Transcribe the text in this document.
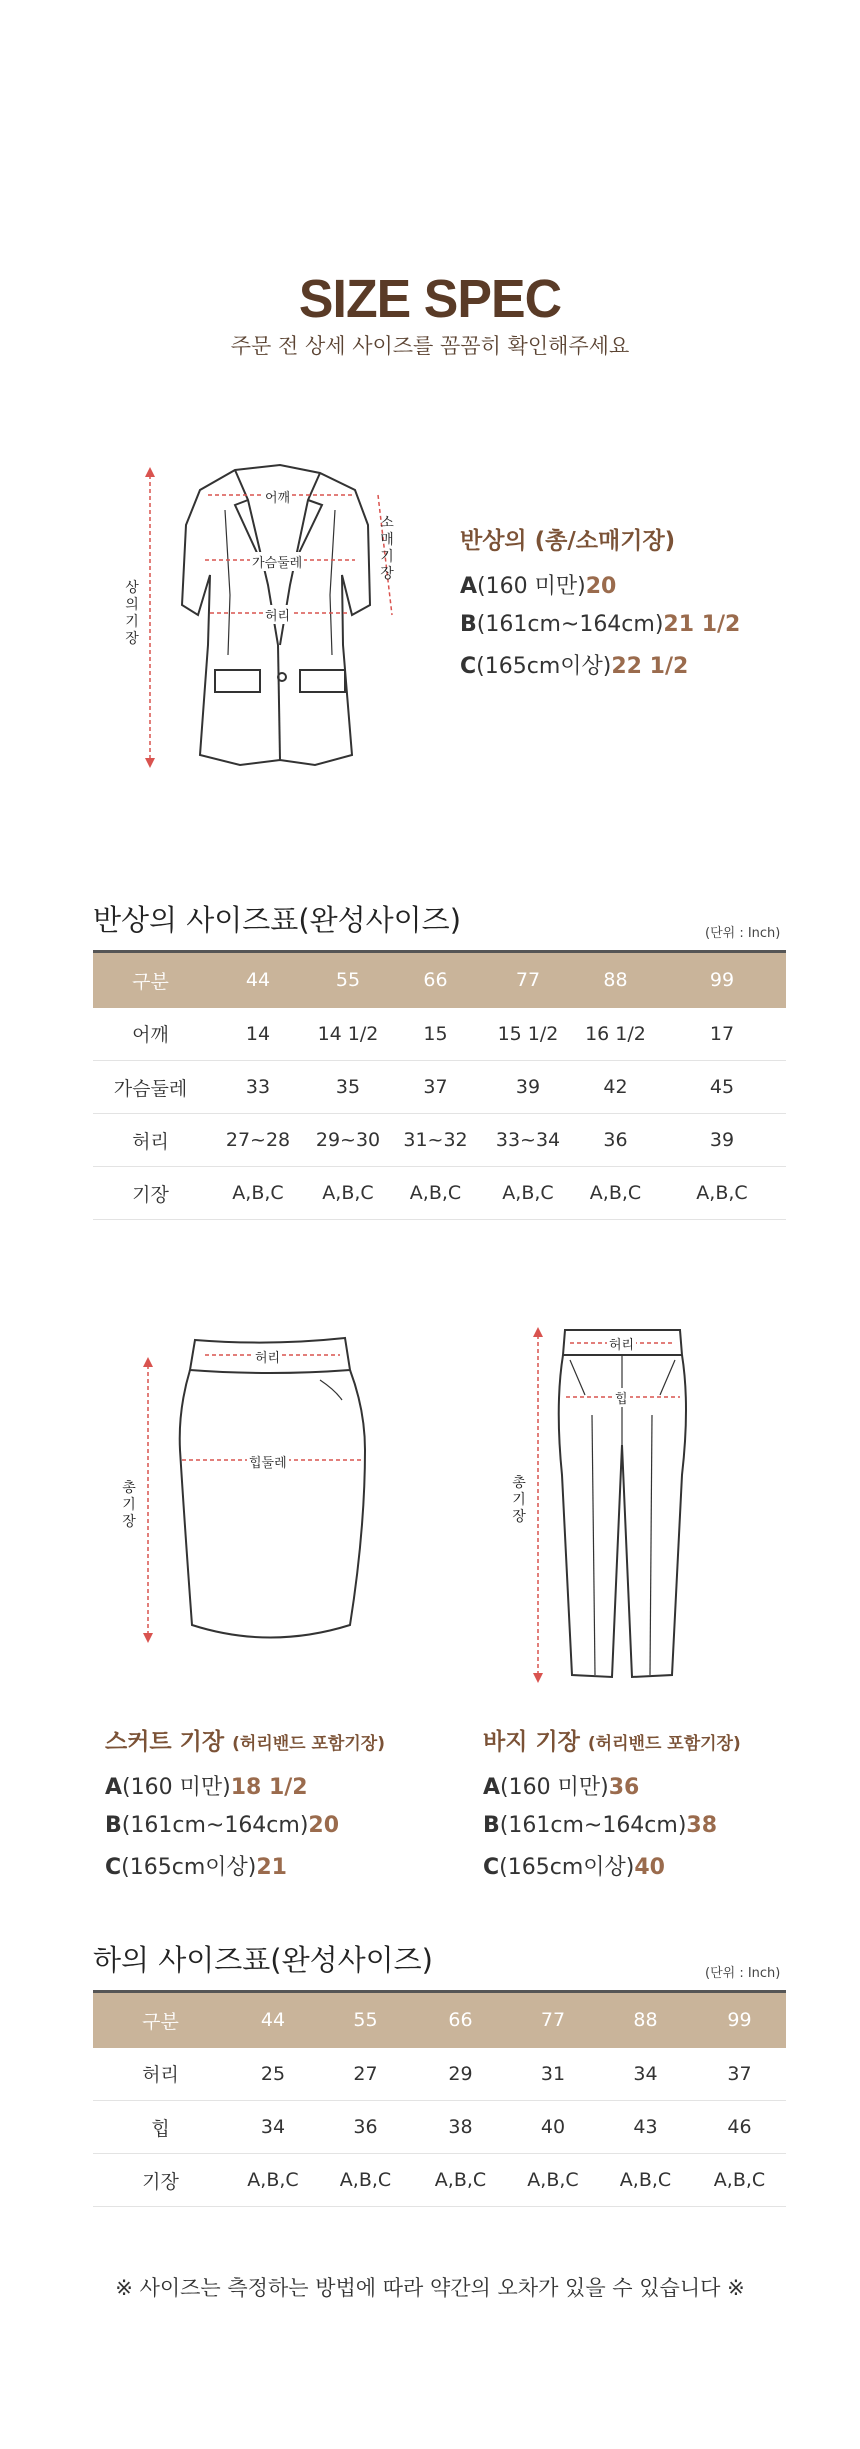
SIZE SPEC
주문 전 상세 사이즈를 꼼꼼히 확인해주세요
상
의
기
장
어깨
가슴둘레
허리
소
매
기
장
반상의 (총/소매기장)
A(160 미만)20
B(161cm~164cm)21 1/2
C(165cm이상)22 1/2
반상의 사이즈표(완성사이즈)	(단위 : Inch)
구분	44	55	66	77	88	99
어깨	14	14 1/2	15	15 1/2	16 1/2	17
가슴둘레	33	35	37	39	42	45
허리	27~28	29~30	31~32	33~34	36	39
기장	A,B,C	A,B,C	A,B,C	A,B,C	A,B,C	A,B,C
총
기
장
허리
힙둘레
총
기
장
허리
힙
스커트 기장 (허리밴드 포함기장)
A(160 미만)18 1/2
B(161cm~164cm)20
C(165cm이상)21
바지 기장 (허리밴드 포함기장)
A(160 미만)36
B(161cm~164cm)38
C(165cm이상)40
하의 사이즈표(완성사이즈)	(단위 : Inch)
구분	44	55	66	77	88	99
허리	25	27	29	31	34	37
힙	34	36	38	40	43	46
기장	A,B,C	A,B,C	A,B,C	A,B,C	A,B,C	A,B,C
※ 사이즈는 측정하는 방법에 따라 약간의 오차가 있을 수 있습니다 ※
